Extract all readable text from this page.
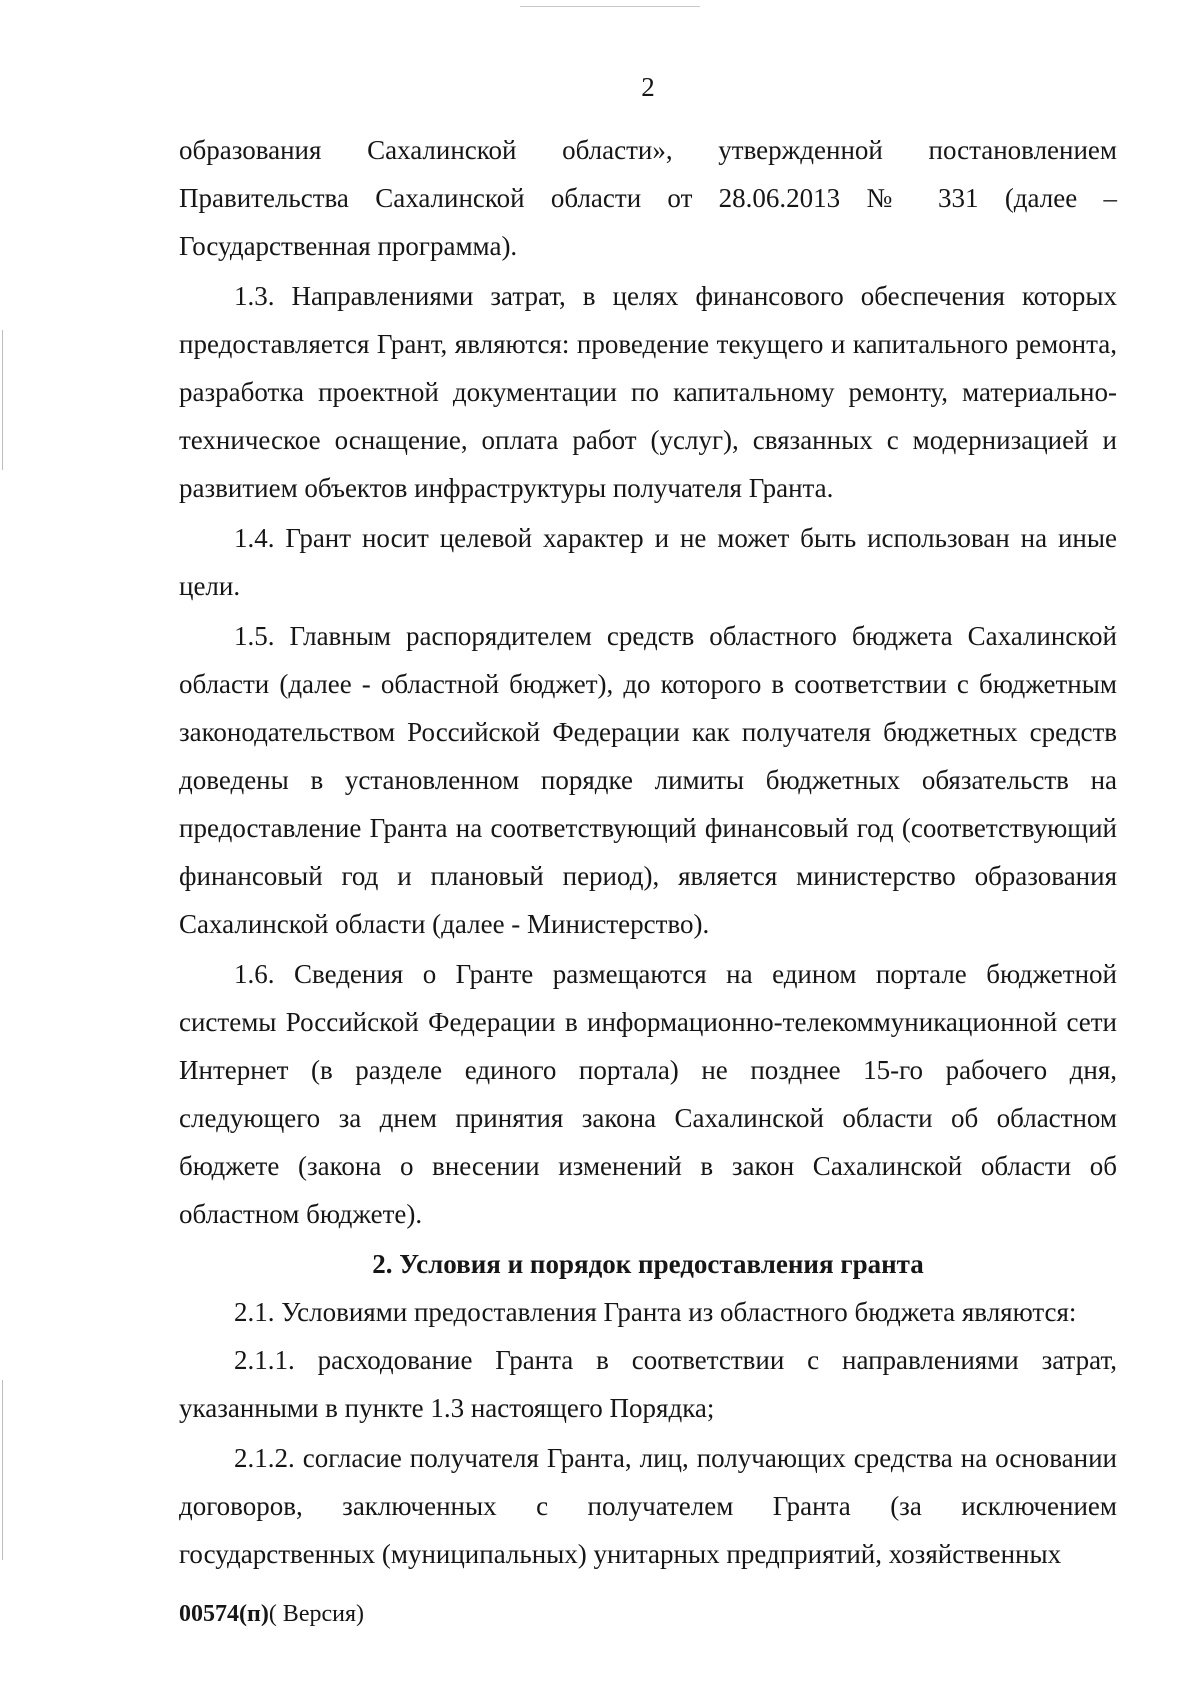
2

образования Сахалинской области», утвержденной постановлением Правительства Сахалинской области от 28.06.2013 № 331 (далее – Государственная программа).

1.3. Направлениями затрат, в целях финансового обеспечения которых предоставляется Грант, являются: проведение текущего и капитального ремонта, разработка проектной документации по капитальному ремонту, материально-техническое оснащение, оплата работ (услуг), связанных с модернизацией и развитием объектов инфраструктуры получателя Гранта.

1.4. Грант носит целевой характер и не может быть использован на иные цели.

1.5. Главным распорядителем средств областного бюджета Сахалинской области (далее - областной бюджет), до которого в соответствии с бюджетным законодательством Российской Федерации как получателя бюджетных средств доведены в установленном порядке лимиты бюджетных обязательств на предоставление Гранта на соответствующий финансовый год (соответствующий финансовый год и плановый период), является министерство образования Сахалинской области (далее - Министерство).

1.6. Сведения о Гранте размещаются на едином портале бюджетной системы Российской Федерации в информационно-телекоммуникационной сети Интернет (в разделе единого портала) не позднее 15-го рабочего дня, следующего за днем принятия закона Сахалинской области об областном бюджете (закона о внесении изменений в закон Сахалинской области об областном бюджете).

2. Условия и порядок предоставления гранта

2.1. Условиями предоставления Гранта из областного бюджета являются:

2.1.1. расходование Гранта в соответствии с направлениями затрат, указанными в пункте 1.3 настоящего Порядка;

2.1.2. согласие получателя Гранта, лиц, получающих средства на основании договоров, заключенных с получателем Гранта (за исключением государственных (муниципальных) унитарных предприятий, хозяйственных

00574(п)( Версия)
